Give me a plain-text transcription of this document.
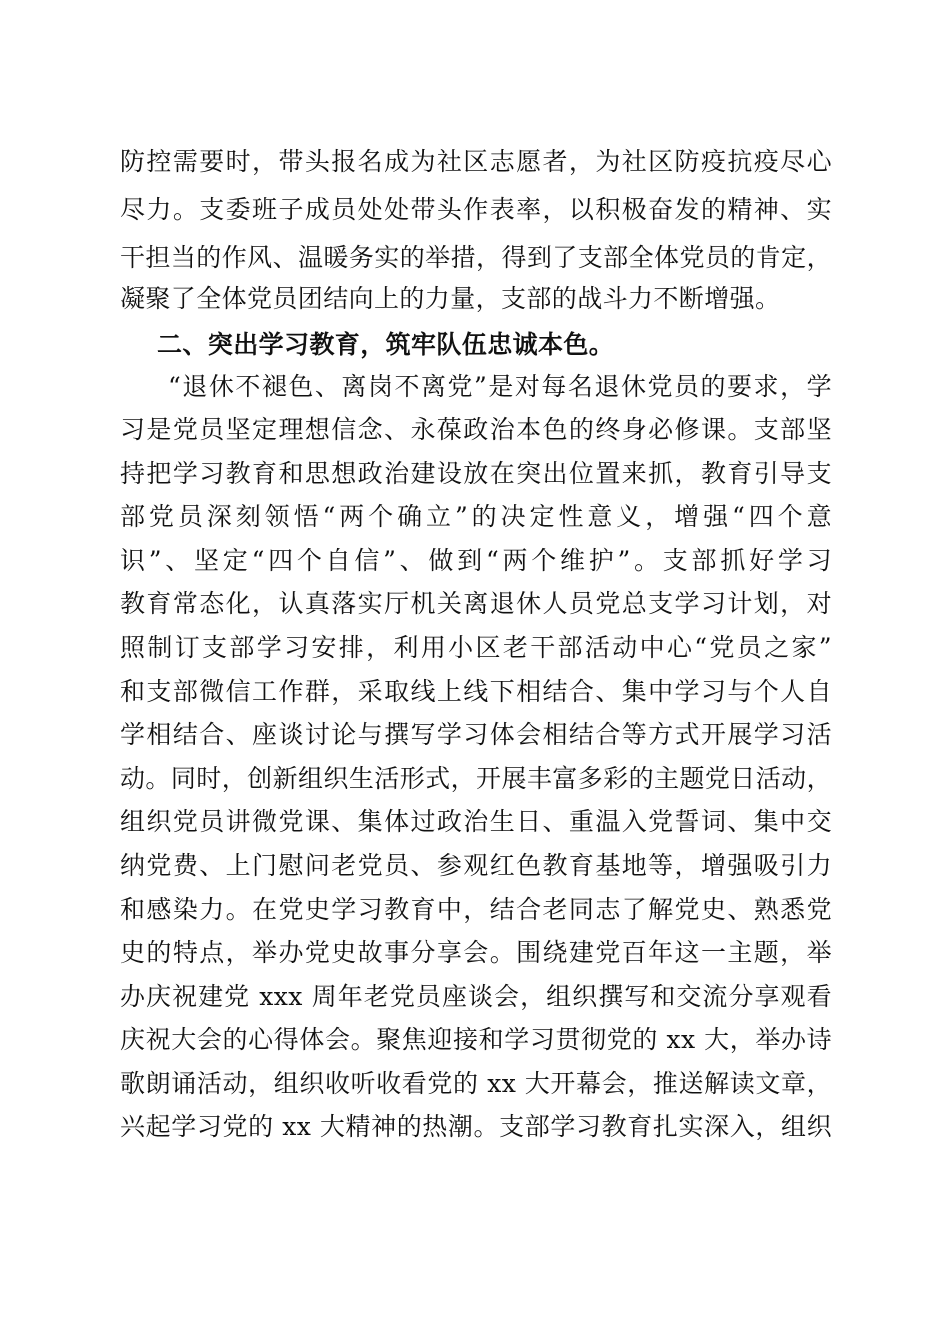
防控需要时，带头报名成为社区志愿者，为社区防疫抗疫尽心
尽力。支委班子成员处处带头作表率，以积极奋发的精神、实
干担当的作风、温暖务实的举措，得到了支部全体党员的肯定，
凝聚了全体党员团结向上的力量，支部的战斗力不断增强。
二、突出学习教育，筑牢队伍忠诚本色。
“退休不褪色、离岗不离党”是对每名退休党员的要求，学
习是党员坚定理想信念、永葆政治本色的终身必修课。支部坚
持把学习教育和思想政治建设放在突出位置来抓，教育引导支
部党员深刻领悟“两个确立”的决定性意义，增强“四个意
识”、坚定“四个自信”、做到“两个维护”。支部抓好学习
教育常态化，认真落实厅机关离退休人员党总支学习计划，对
照制订支部学习安排，利用小区老干部活动中心“党员之家”
和支部微信工作群，采取线上线下相结合、集中学习与个人自
学相结合、座谈讨论与撰写学习体会相结合等方式开展学习活
动。同时，创新组织生活形式，开展丰富多彩的主题党日活动，
组织党员讲微党课、集体过政治生日、重温入党誓词、集中交
纳党费、上门慰问老党员、参观红色教育基地等，增强吸引力
和感染力。在党史学习教育中，结合老同志了解党史、熟悉党
史的特点，举办党史故事分享会。围绕建党百年这一主题，举
办庆祝建党 xxx 周年老党员座谈会，组织撰写和交流分享观看
庆祝大会的心得体会。聚焦迎接和学习贯彻党的 xx 大，举办诗
歌朗诵活动，组织收听收看党的 xx 大开幕会，推送解读文章，
兴起学习党的 xx 大精神的热潮。支部学习教育扎实深入，组织
